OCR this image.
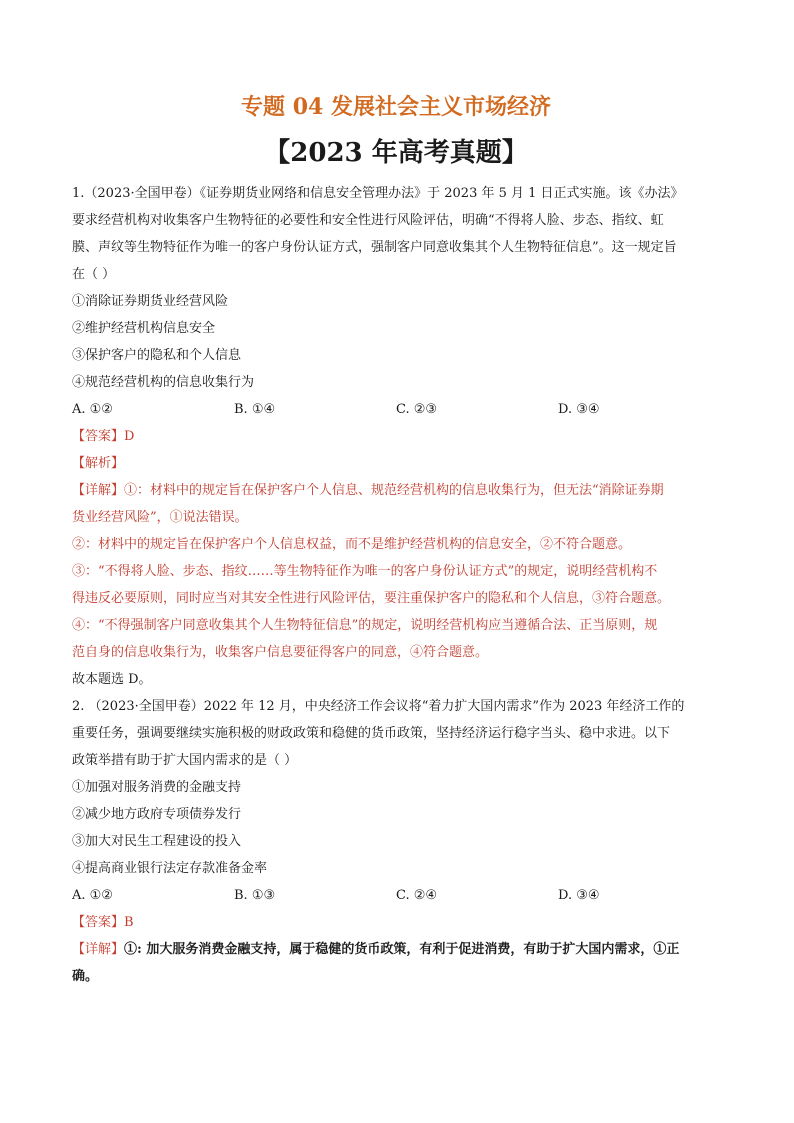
专题 04 发展社会主义市场经济
【2023 年高考真题】

1.（2023·全国甲卷）《证券期货业网络和信息安全管理办法》于 2023 年 5 月 1 日正式实施。该《办法》

要求经营机构对收集客户生物特征的必要性和安全性进行风险评估，明确“不得将人脸、步态、指纹、虹

膜、声纹等生物特征作为唯一的客户身份认证方式，强制客户同意收集其个人生物特征信息”。这一规定旨

在（ ）

①消除证券期货业经营风险

②维护经营机构信息安全

③保护客户的隐私和个人信息

④规范经营机构的信息收集行为

A. ①②	B. ①④	C. ②③	D. ③④

【答案】D

【解析】

【详解】①：材料中的规定旨在保护客户个人信息、规范经营机构的信息收集行为，但无法“消除证券期

货业经营风险”，①说法错误。

②：材料中的规定旨在保护客户个人信息权益，而不是维护经营机构的信息安全，②不符合题意。

③：“不得将人脸、步态、指纹……等生物特征作为唯一的客户身份认证方式”的规定，说明经营机构不

得违反必要原则，同时应当对其安全性进行风险评估，要注重保护客户的隐私和个人信息，③符合题意。

④：“不得强制客户同意收集其个人生物特征信息”的规定，说明经营机构应当遵循合法、正当原则，规

范自身的信息收集行为，收集客户信息要征得客户的同意，④符合题意。

故本题选 D。

2. （2023·全国甲卷）2022 年 12 月，中央经济工作会议将“着力扩大国内需求”作为 2023 年经济工作的

重要任务，强调要继续实施积极的财政政策和稳健的货币政策，坚持经济运行稳字当头、稳中求进。以下

政策举措有助于扩大国内需求的是（ ）

①加强对服务消费的金融支持

②减少地方政府专项债券发行

③加大对民生工程建设的投入

④提高商业银行法定存款准备金率

A. ①②	B. ①③	C. ②④	D. ③④

【答案】B

【详解】①: 加大服务消费金融支持，属于稳健的货币政策，有利于促进消费，有助于扩大国内需求，①正

确。
